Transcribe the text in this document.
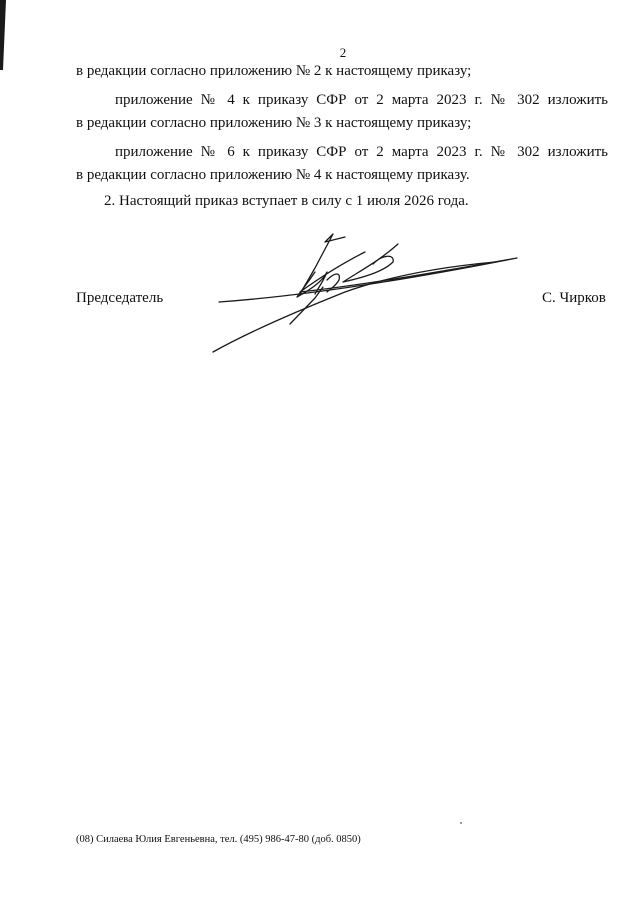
2
в редакции согласно приложению № 2 к настоящему приказу;
приложение № 4 к приказу СФР от 2 марта 2023 г. № 302 изложить
в редакции согласно приложению № 3 к настоящему приказу;
приложение № 6 к приказу СФР от 2 марта 2023 г. № 302 изложить
в редакции согласно приложению № 4 к настоящему приказу.
2. Настоящий приказ вступает в силу с 1 июля 2026 года.
Председатель	С. Чирков
(08) Силаева Юлия Евгеньевна, тел. (495) 986-47-80 (доб. 0850)
